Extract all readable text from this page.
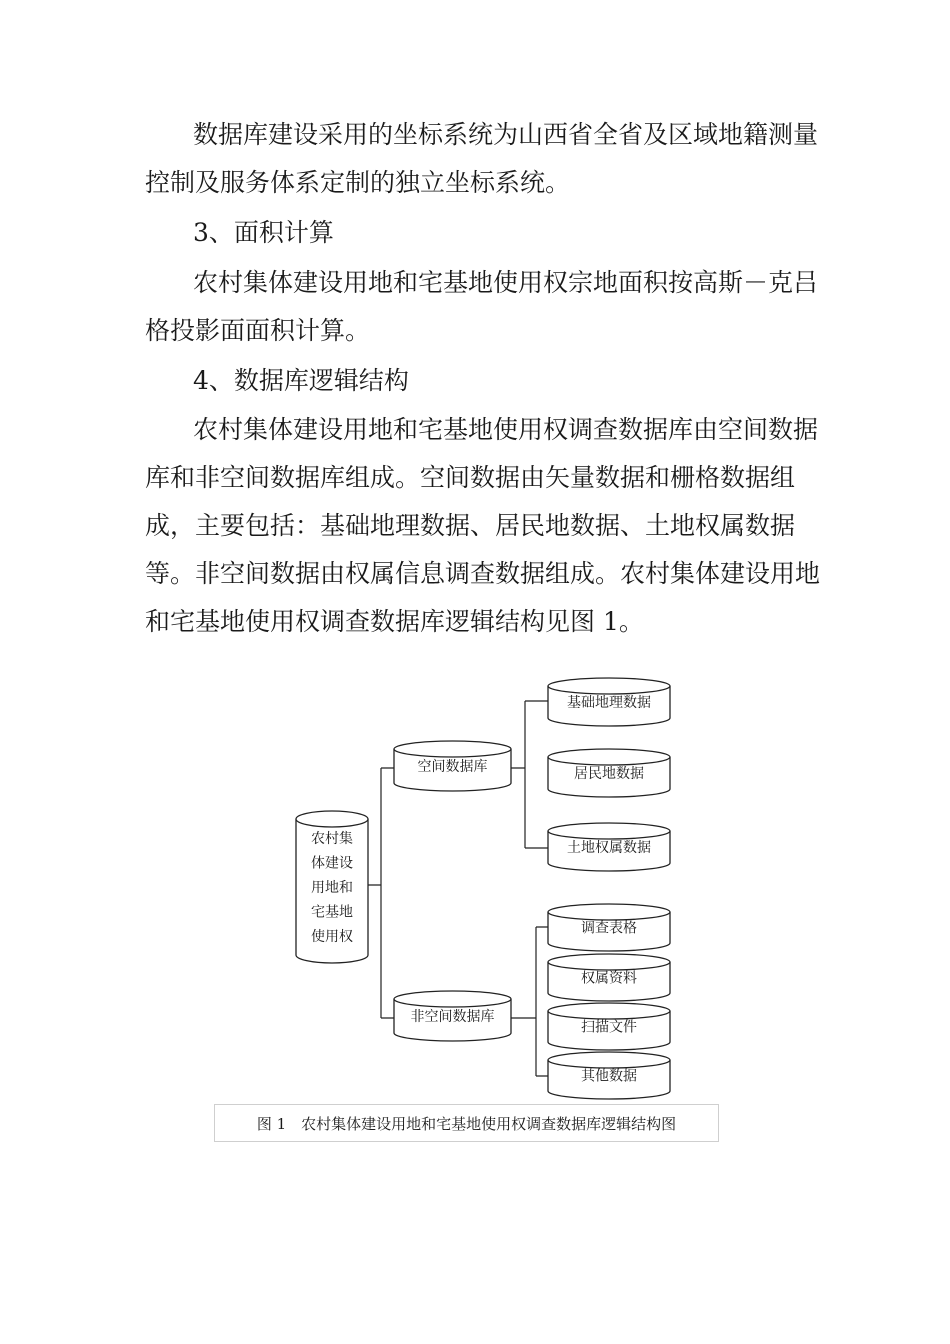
数据库建设采用的坐标系统为山西省全省及区域地籍测量控制及服务体系定制的独立坐标系统。

3、面积计算

农村集体建设用地和宅基地使用权宗地面积按高斯－克吕格投影面面积计算。

4、数据库逻辑结构

农村集体建设用地和宅基地使用权调查数据库由空间数据库和非空间数据库组成。空间数据由矢量数据和栅格数据组成，主要包括：基础地理数据、居民地数据、土地权属数据等。非空间数据由权属信息调查数据组成。农村集体建设用地和宅基地使用权调查数据库逻辑结构见图 1。

农村集
体建设
用地和
宅基地
使用权
空间数据库
非空间数据库
基础地理数据
居民地数据
土地权属数据
调查表格
权属资料
扫描文件
其他数据
图 1　农村集体建设用地和宅基地使用权调查数据库逻辑结构图
